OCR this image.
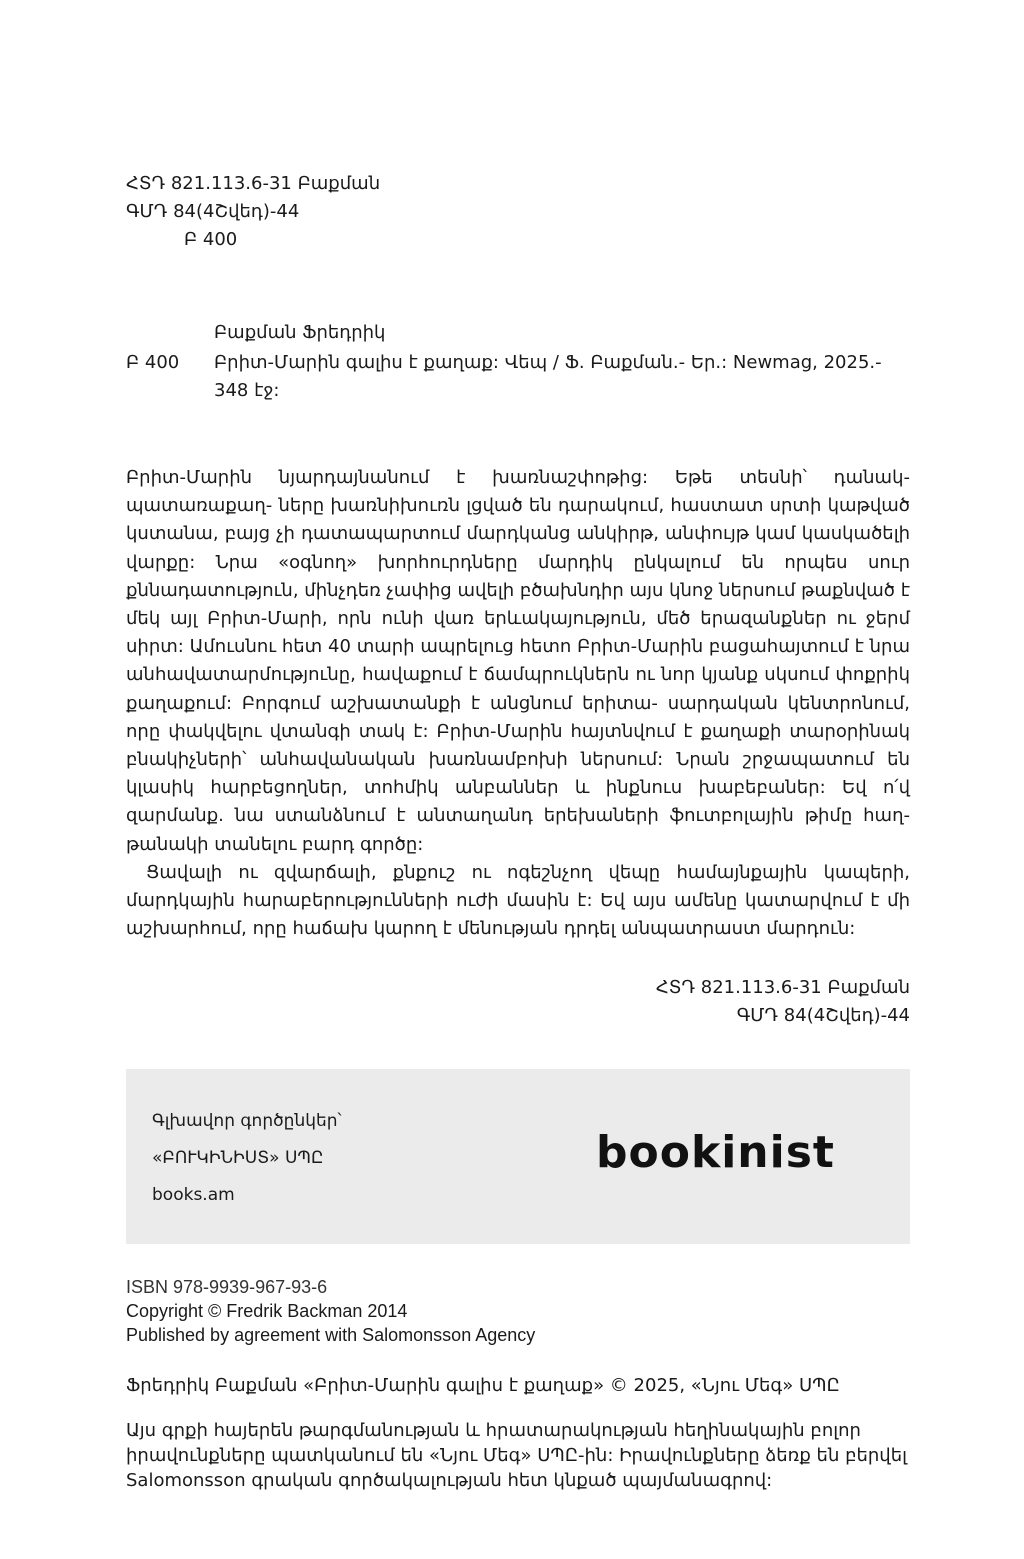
ՀՏԴ 821.113.6-31 Բաքման
ԳՄԴ 84(4Շվեդ)-44
Բ 400
Բաքման Ֆրեդրիկ
Բ 400 Բրիտ-Մարին գալիս է քաղաք: Վեպ / Ֆ. Բաքման.- Եր.: Newmag, 2025.-
348 էջ:

Բրիտ-Մարին նյարդայնանում է խառնաշփոթից: Եթե տեսնի՝ դանակ-պատառաքաղ- ները խառնիխուռն լցված են դարակում, հաստատ սրտի կաթված կստանա, բայց չի դատապարտում մարդկանց անկիրթ, անփույթ կամ կասկածելի վարքը: Նրա «օգնող» խորհուրդները մարդիկ ընկալում են որպես սուր քննադատություն, մինչդեռ չափից ավելի բծախնդիր այս կնոջ ներսում թաքնված է մեկ այլ Բրիտ-Մարի, որն ունի վառ երևակայություն, մեծ երազանքներ ու ջերմ սիրտ: Ամուսնու հետ 40 տարի ապրելուց հետո Բրիտ-Մարին բացահայտում է նրա անհավատարմությունը, հավաքում է ճամպրուկներն ու նոր կյանք սկսում փոքրիկ քաղաքում: Բորգում աշխատանքի է անցնում երիտա- սարդական կենտրոնում, որը փակվելու վտանգի տակ է: Բրիտ-Մարին հայտնվում է քաղաքի տարօրինակ բնակիչների՝ անհավանական խառնամբոխի ներսում: Նրան շրջապատում են կլասիկ հարբեցողներ, տոհմիկ անբաններ և ինքնուս խաբեբաներ: Եվ ո՛վ զարմանք. նա ստանձնում է անտաղանդ երեխաների ֆուտբոլային թիմը հաղ- թանակի տանելու բարդ գործը:

Ցավալի ու զվարճալի, քնքուշ ու ոգեշնչող վեպը համայնքային կապերի, մարդկային հարաբերությունների ուժի մասին է: Եվ այս ամենը կատարվում է մի աշխարհում, որը հաճախ կարող է մենության դրդել անպատրաստ մարդուն:

ՀՏԴ 821.113.6-31 Բաքման
ԳՄԴ 84(4Շվեդ)-44
Գլխավոր գործընկեր՝
«ԲՈՒԿԻՆԻՍՏ» ՍՊԸ
books.am
bookinist
ISBN 978-9939-967-93-6
Copyright © Fredrik Backman 2014
Published by agreement with Salomonsson Agency
Ֆրեդրիկ Բաքման «Բրիտ-Մարին գալիս է քաղաք» © 2025, «Նյու Մեգ» ՍՊԸ
Այս գրքի հայերեն թարգմանության և հրատարակության հեղինակային բոլոր
իրավունքները պատկանում են «Նյու Մեգ» ՍՊԸ-ին: Իրավունքները ձեռք են բերվել
Salomonsson գրական գործակալության հետ կնքած պայմանագրով:
